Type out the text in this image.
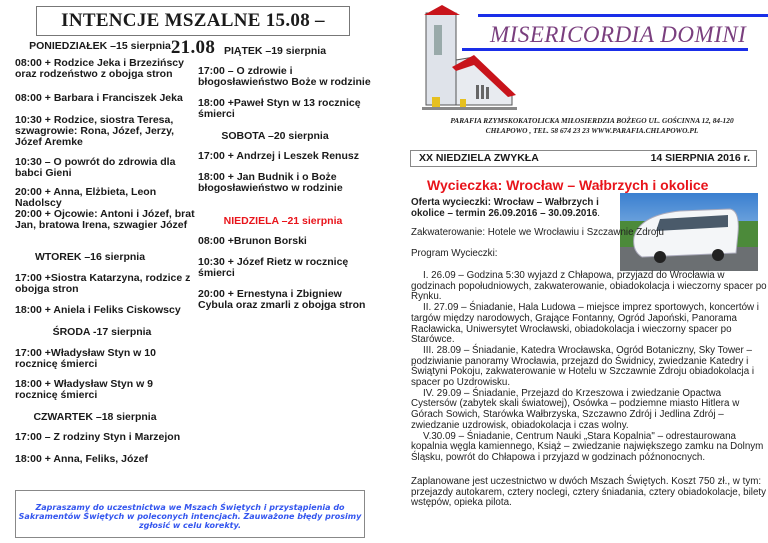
INTENCJE MSZALNE 15.08 – 21.08
PONIEDZIAŁEK –15 sierpnia
08:00 + Rodzice Jeka i Brzezińscy oraz rodzeństwo z obojga stron
08:00 + Barbara i Franciszek Jeka
10:30 + Rodzice, siostra Teresa, szwagrowie: Rona, Józef, Jerzy, Józef Aremke
10:30 – O powrót do zdrowia dla babci Gieni
20:00 + Anna, Elżbieta, Leon Nadolscy
20:00 + Ojcowie: Antoni i Józef, brat Jan, bratowa Irena, szwagier Józef
WTOREK –16 sierpnia
17:00 +Siostra Katarzyna, rodzice z obojga stron
18:00 + Aniela i Feliks Ciskowscy
ŚRODA -17 sierpnia
17:00 +Władysław Styn w 10 rocznicę śmierci
18:00 + Władysław Styn w 9 rocznicę śmierci
CZWARTEK –18 sierpnia
17:00 – Z rodziny Styn i Marzejon
18:00 + Anna, Feliks, Józef
PIĄTEK –19 sierpnia
17:00 – O zdrowie i błogosławieństwo Boże w rodzinie
18:00 +Paweł Styn w 13 rocznicę śmierci
SOBOTA –20 sierpnia
17:00 + Andrzej i Leszek Renusz
18:00 + Jan Budnik i o Boże błogosławieństwo w rodzinie
NIEDZIELA –21 sierpnia
08:00 +Brunon Borski
10:30 + Józef Rietz w rocznicę śmierci
20:00 + Ernestyna i Zbigniew Cybula oraz zmarli z obojga stron
Zapraszamy do uczestnictwa we Mszach Świętych i przystąpienia do Sakramentów Świętych w poleconych intencjach. Zauważone błędy prosimy zgłosić w celu korekty.
MISERICORDIA DOMINI
PARAFIA RZYMSKOKATOLICKA MIŁOSIERDZIA BOŻEGO UL. GOŚCINNA 12, 84-120
CHŁAPOWO , TEL. 58 674 23 23 WWW.PARAFIA.CHLAPOWO.PL
XX NIEDZIELA ZWYKŁA	14 SIERPNIA 2016 r.
Wycieczka: Wrocław – Wałbrzych i okolice
Oferta wycieczki: Wrocław – Wałbrzych i okolice – termin 26.09.2016 – 30.09.2016.
Zakwaterowanie: Hotele we Wrocławiu i Szczawnie Zdroju
Program Wycieczki:

I. 26.09 – Godzina 5:30 wyjazd z Chłapowa, przyjazd do Wrocławia w godzinach popołudniowych, zakwaterowanie, obiadokolacja i wieczorny spacer po Rynku.

II. 27.09 – Śniadanie, Hala Ludowa – miejsce imprez sportowych, koncertów i targów między narodowych, Grające Fontanny, Ogród Japoński, Panorama Racławicka, Uniwersytet Wrocławski, obiadokolacja i wieczorny spacer po Starówce.

III. 28.09 – Śniadanie, Katedra Wrocławska, Ogród Botaniczny, Sky Tower – podziwianie panoramy Wrocławia, przejazd do Świdnicy, zwiedzanie Katedry i Świątyni Pokoju, zakwaterowanie w Hotelu w Szczawnie Zdroju obiadokolacja i spacer po Uzdrowisku.

IV. 29.09 – Śniadanie, Przejazd do Krzeszowa i zwiedzanie Opactwa Cystersów (zabytek skali światowej), Osówka – podziemne miasto Hitlera w Górach Sowich, Starówka Wałbrzyska, Szczawno Zdrój i Jedlina Zdrój – zwiedzanie uzdrowisk, obiadokolacja i czas wolny.

V.30.09 – Śniadanie, Centrum Nauki „Stara Kopalnia" – odrestaurowana kopalnia węgla kamiennego, Książ – zwiedzanie największego zamku na Dolnym Śląsku, powrót do Chłapowa i przyjazd w godzinach późnonocnych.

Zaplanowane jest uczestnictwo w dwóch Mszach Świętych. Koszt 750 zł., w tym: przejazdy autokarem, cztery noclegi, cztery śniadania, cztery obiadokolacje, bilety wstępów, opieka pilota.
